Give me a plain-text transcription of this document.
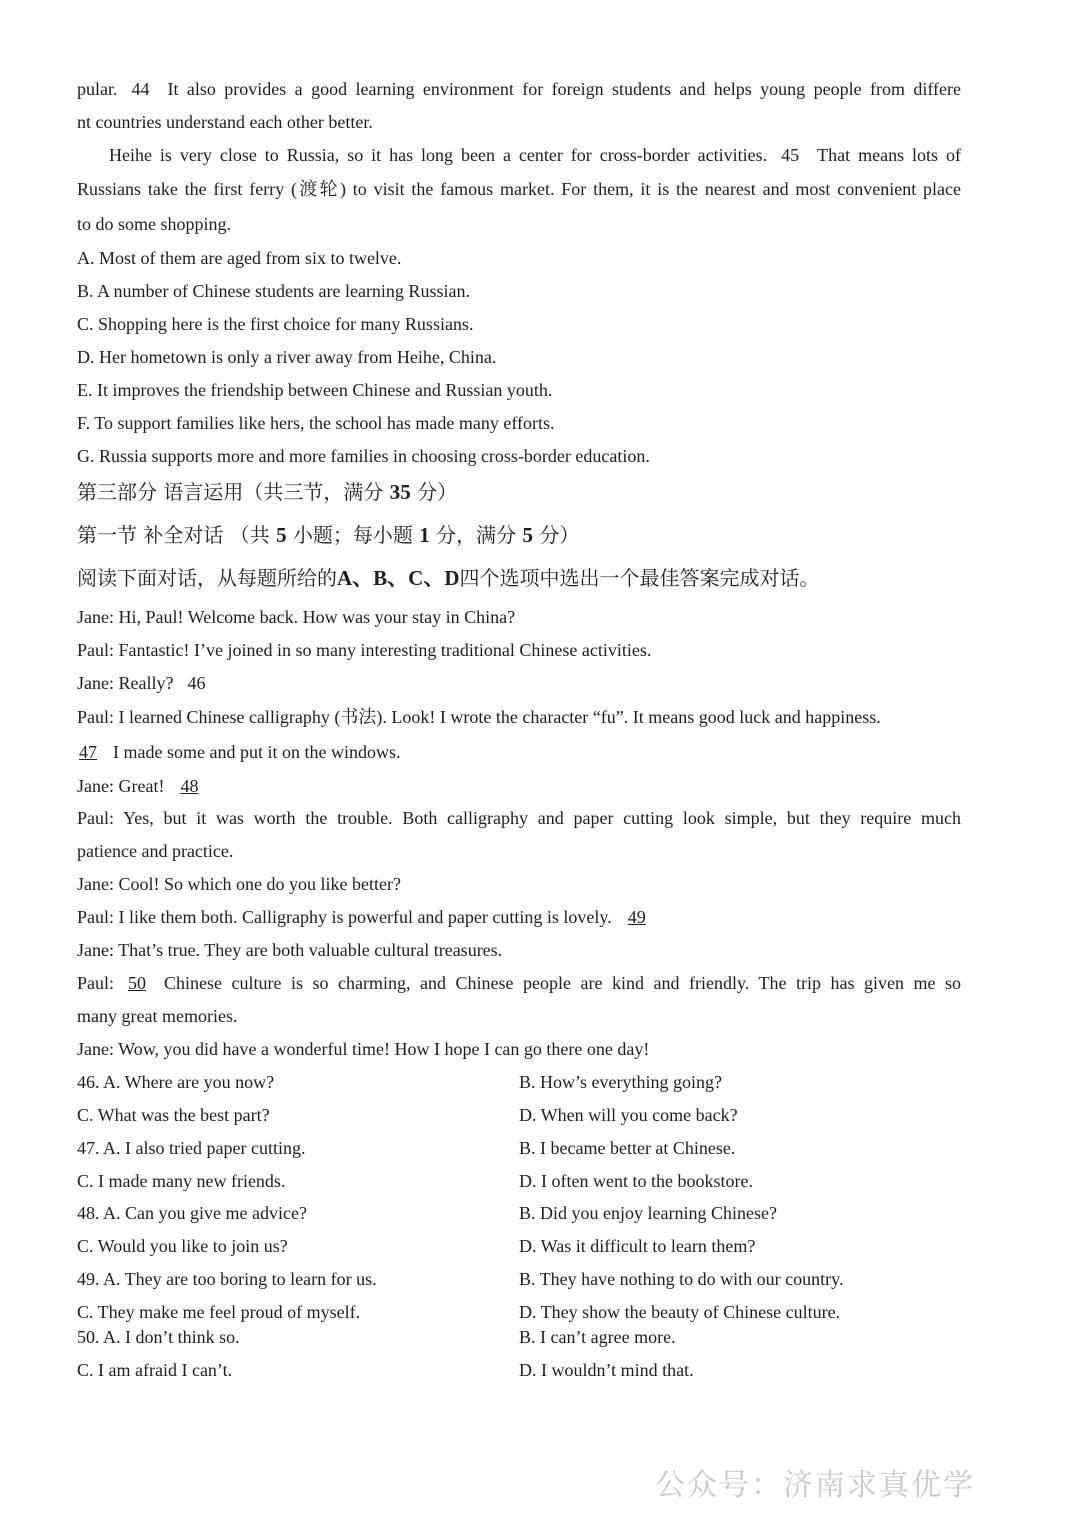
pular. 44 It also provides a good learning environment for foreign students and helps young people from differe
nt countries understand each other better.
Heihe is very close to Russia, so it has long been a center for cross-border activities. 45 That means lots of
Russians take the first ferry (渡轮) to visit the famous market. For them, it is the nearest and most convenient place
to do some shopping.
A. Most of them are aged from six to twelve.
B. A number of Chinese students are learning Russian.
C. Shopping here is the first choice for many Russians.
D. Her hometown is only a river away from Heihe, China.
E. It improves the friendship between Chinese and Russian youth.
F. To support families like hers, the school has made many efforts.
G. Russia supports more and more families in choosing cross-border education.
第三部分 语言运用（共三节，满分 35 分）
第一节 补全对话 （共 5 小题；每小题 1 分，满分 5 分）
阅读下面对话，从每题所给的A、B、C、D四个选项中选出一个最佳答案完成对话。
Jane: Hi, Paul! Welcome back. How was your stay in China?
Paul: Fantastic! I’ve joined in so many interesting traditional Chinese activities.
Jane: Really? 46
Paul: I learned Chinese calligraphy (书法). Look! I wrote the character “fu”. It means good luck and happiness.
47 I made some and put it on the windows.
Jane: Great! 48
Paul: Yes, but it was worth the trouble. Both calligraphy and paper cutting look simple, but they require much
patience and practice.
Jane: Cool! So which one do you like better?
Paul: I like them both. Calligraphy is powerful and paper cutting is lovely. 49
Jane: That’s true. They are both valuable cultural treasures.
Paul: 50 Chinese culture is so charming, and Chinese people are kind and friendly. The trip has given me so
many great memories.
Jane: Wow, you did have a wonderful time! How I hope I can go there one day!
46. A. Where are you now?	B. How’s everything going?
C. What was the best part?	D. When will you come back?
47. A. I also tried paper cutting.	B. I became better at Chinese.
C. I made many new friends.	D. I often went to the bookstore.
48. A. Can you give me advice?	B. Did you enjoy learning Chinese?
C. Would you like to join us?	D. Was it difficult to learn them?
49. A. They are too boring to learn for us.	B. They have nothing to do with our country.
C. They make me feel proud of myself.	D. They show the beauty of Chinese culture.
50. A. I don’t think so.	B. I can’t agree more.
C. I am afraid I can’t.	D. I wouldn’t mind that.
公众号：济南求真优学
